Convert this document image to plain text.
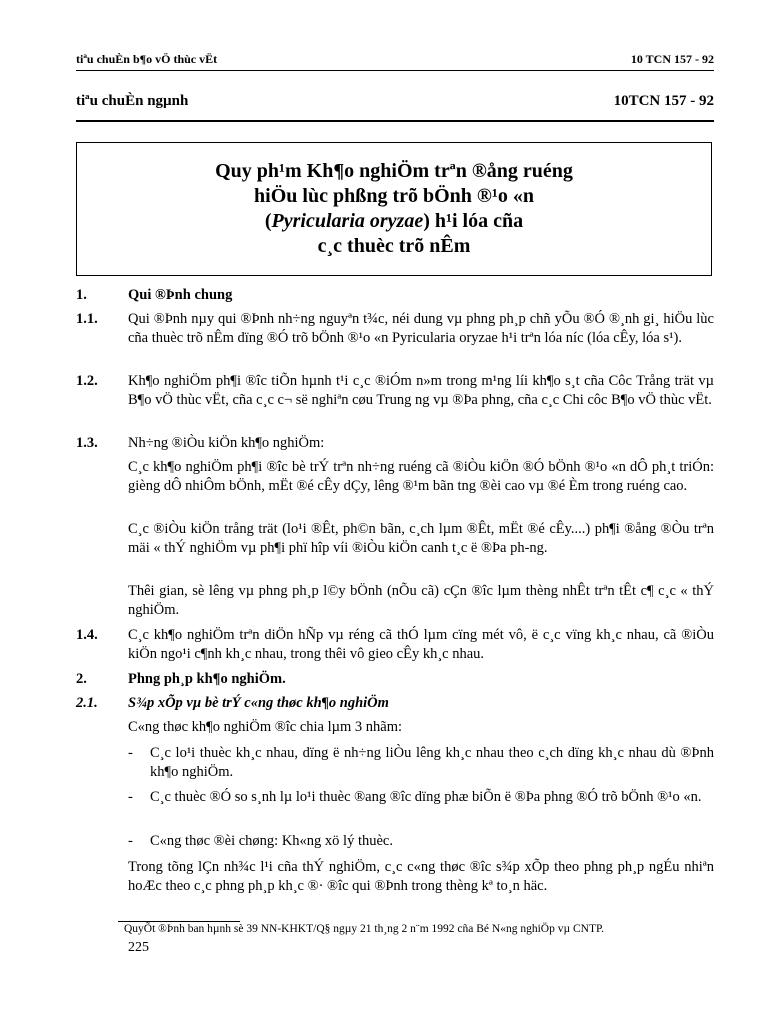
tiªu chuÈn b¶o vÖ thùc vËt	10 TCN 157 - 92
tiªu chuÈn ngµnh	10TCN 157 - 92
Quy ph¹m Kh¶o nghiÖm trªn ®ång ruéng
hiÖu lùc phßng trõ bÖnh ®¹o «n
(Pyricularia oryzae) h¹i lóa cña
c¸c thuèc trõ nÊm
1.	Qui ®Þnh chung
1.1.	Qui ®Þnh nµy qui ®Þnh nh÷ng nguyªn t¾c, néi dung vµ phng ph¸p chñ yÕu ®Ó ®¸nh gi¸ hiÖu lùc cña thuèc trõ nÊm dïng ®Ó trõ bÖnh ®¹o «n Pyricularia oryzae h¹i trªn lóa níc (lóa cÊy, lóa s¹).
1.2.	Kh¶o nghiÖm ph¶i ®îc tiÕn hµnh t¹i c¸c ®iÓm n»m trong m¹ng líi kh¶o s¸t cña Côc Trång trät vµ B¶o vÖ thùc vËt, cña c¸c c¬ së nghiªn cøu Trung ng vµ ®Þa phng, cña c¸c Chi côc B¶o vÖ thùc vËt.
1.3.	Nh÷ng ®iÒu kiÖn kh¶o nghiÖm:
C¸c kh¶o nghiÖm ph¶i ®îc bè trÝ trªn nh÷ng ruéng cã ®iÒu kiÖn ®Ó bÖnh ®¹o «n dÔ ph¸t triÓn: gièng dÔ nhiÔm bÖnh, mËt ®é cÊy dÇy, lêng ®¹m bãn tng ®èi cao vµ ®é Èm trong ruéng cao.
C¸c ®iÒu kiÖn trång trät (lo¹i ®Êt, ph©n bãn, c¸ch lµm ®Êt, mËt ®é cÊy....) ph¶i ®ång ®Òu trªn mäi « thÝ nghiÖm vµ ph¶i phï hîp víi ®iÒu kiÖn canh t¸c ë ®Þa ph-ng.
Thêi gian, sè lêng vµ phng ph¸p l©y bÖnh (nÕu cã) cÇn ®îc lµm thèng nhÊt trªn tÊt c¶ c¸c « thÝ nghiÖm.
1.4.	C¸c kh¶o nghiÖm trªn diÖn hÑp vµ réng cã thÓ lµm cïng mét vô, ë c¸c vïng kh¸c nhau, cã ®iÒu kiÖn ngo¹i c¶nh kh¸c nhau, trong thêi vô gieo cÊy kh¸c nhau.
2.	Phng ph¸p kh¶o nghiÖm.
2.1.	S¾p xÕp vµ bè trÝ c«ng thøc kh¶o nghiÖm
C«ng thøc kh¶o nghiÖm ®îc chia lµm 3 nhãm:
- C¸c lo¹i thuèc kh¸c nhau, dïng ë nh÷ng liÒu lêng kh¸c nhau theo c¸ch dïng kh¸c nhau dù ®Þnh kh¶o nghiÖm.
- C¸c thuèc ®Ó so s¸nh lµ lo¹i thuèc ®ang ®îc dïng phæ biÕn ë ®Þa phng ®Ó trõ bÖnh ®¹o «n.
- C«ng thøc ®èi chøng: Kh«ng xö lý thuèc.
Trong tõng lÇn nh¾c l¹i cña thÝ nghiÖm, c¸c c«ng thøc ®îc s¾p xÕp theo phng ph¸p ngÉu nhiªn hoÆc theo c¸c phng ph¸p kh¸c ®· ®îc qui ®Þnh trong thèng kª to¸n häc.
QuyÕt ®Þnh ban hµnh sè 39 NN-KHKT/Q§ ngµy 21 th¸ng 2 n¨m 1992 cña Bé N«ng nghiÖp vµ CNTP.
225
